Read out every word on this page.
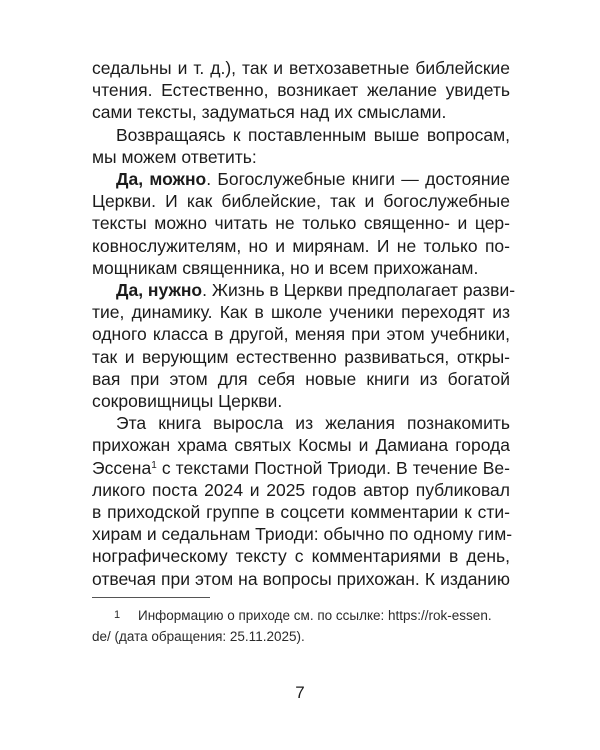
седальны и т. д.), так и ветхозаветные библейские
чтения. Естественно, возникает желание увидеть
сами тексты, задуматься над их смыслами.
Возвращаясь к поставленным выше вопросам,
мы можем ответить:
Да, можно. Богослужебные книги — достояние
Церкви. И как библейские, так и богослужебные
тексты можно читать не только священно- и цер-
ковнослужителям, но и мирянам. И не только по-
мощникам священника, но и всем прихожанам.
Да, нужно. Жизнь в Церкви предполагает разви-
тие, динамику. Как в школе ученики переходят из
одного класса в другой, меняя при этом учебники,
так и верующим естественно развиваться, откры-
вая при этом для себя новые книги из богатой
сокровищницы Церкви.
Эта книга выросла из желания познакомить
прихожан храма святых Космы и Дамиана города
Эссена$^1$ с текстами Постной Триоди. В течение Ве-
ликого поста 2024 и 2025 годов автор публиковал
в приходской группе в соцсети комментарии к сти-
хирам и седальнам Триоди: обычно по одному гим-
нографическому тексту с комментариями в день,
отвечая при этом на вопросы прихожан. К изданию
1 Информацию о приходе см. по ссылке: https://rok-essen.
de/ (дата обращения: 25.11.2025).
7
